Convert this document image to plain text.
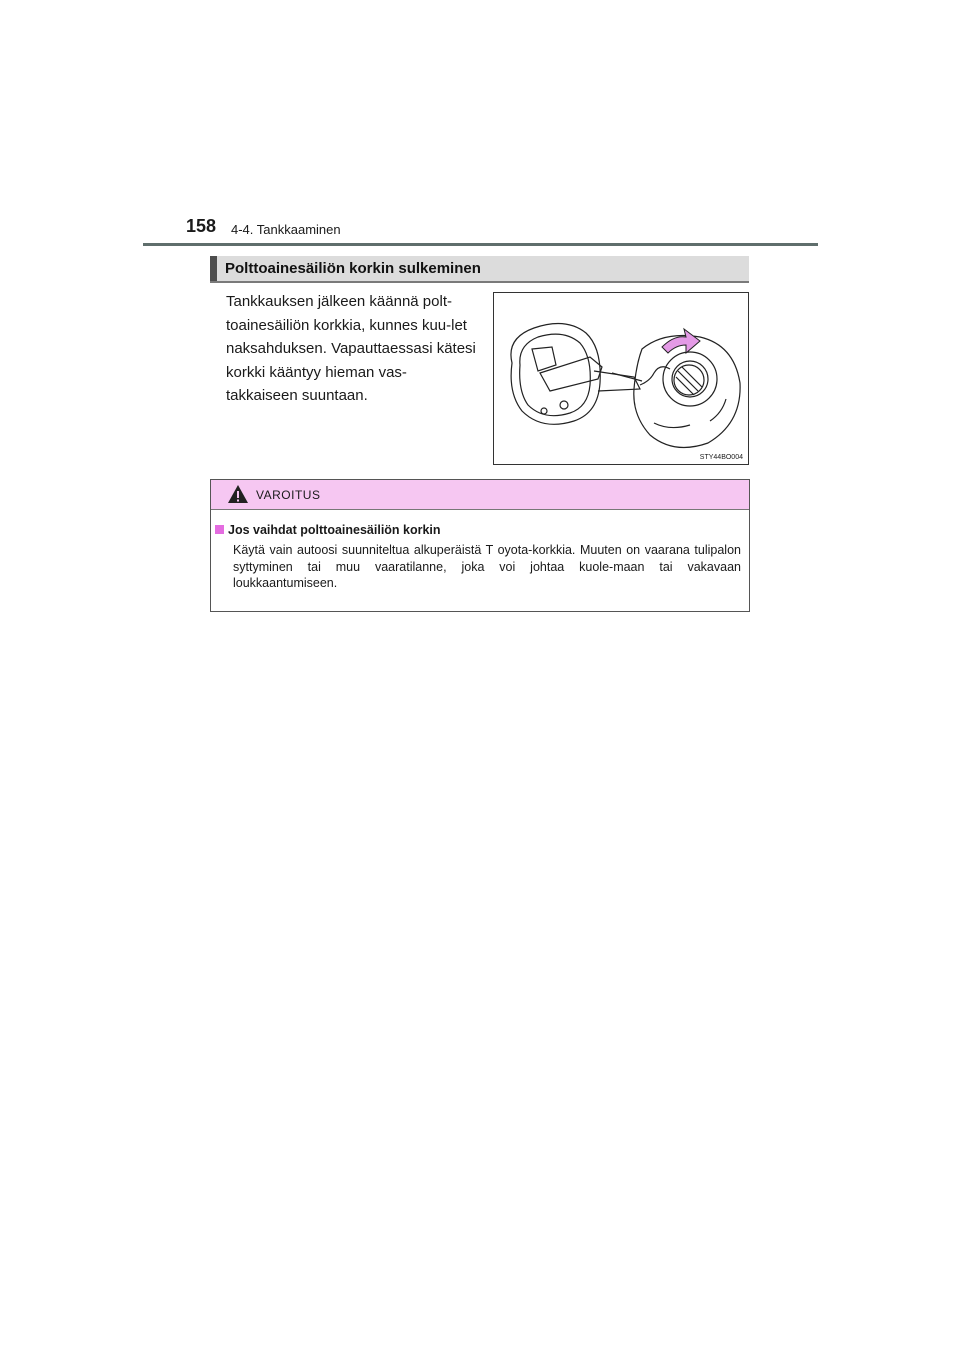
158 4-4. Tankkaaminen
Polttoainesäiliön korkin sulkeminen
Tankkauksen jälkeen käännä polt-toainesäiliön korkkia, kunnes kuu-let naksahduksen. Vapauttaessasi kätesi korkki kääntyy hieman vas-takkaiseen suuntaan.
STY44BO004
VAROITUS
Jos vaihdat polttoainesäiliön korkin
Käytä vain autoosi suunniteltua alkuperäistä T oyota-korkkia. Muuten on vaarana tulipalon syttyminen tai muu vaaratilanne, joka voi johtaa kuole-maan tai vakavaan loukkaantumiseen.
